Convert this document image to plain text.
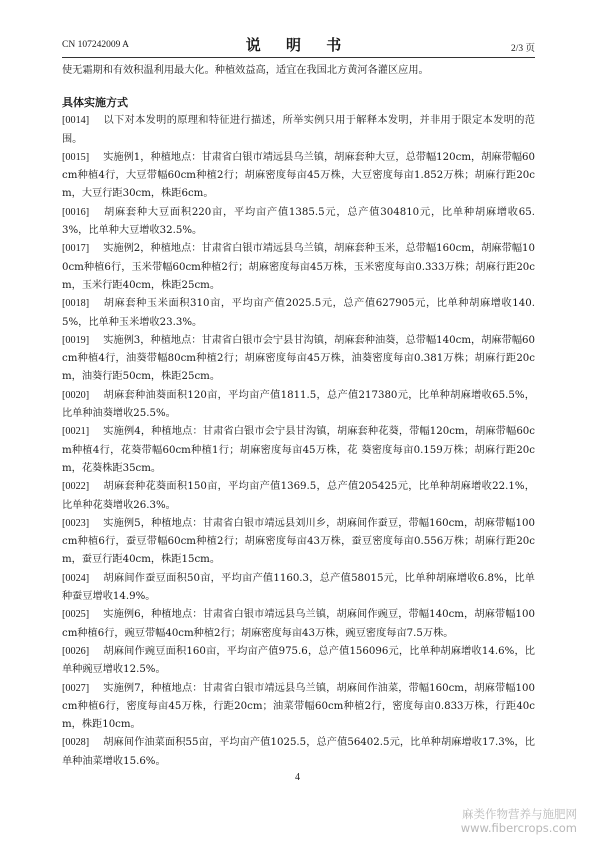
CN 107242009 A	说 明 书	2/3 页

使无霜期和有效积温利用最大化。种植效益高，适宜在我国北方黄河各灌区应用。

具体实施方式

[0014] 以下对本发明的原理和特征进行描述，所举实例只用于解释本发明，并非用于限定本发明的范围。

[0015] 实施例1，种植地点：甘肃省白银市靖远县乌兰镇，胡麻套种大豆，总带幅120cm，胡麻带幅60cm种植4行，大豆带幅60cm种植2行；胡麻密度每亩45万株，大豆密度每亩1.852万株；胡麻行距20cm，大豆行距30cm，株距6cm。

[0016] 胡麻套种大豆面积220亩，平均亩产值1385.5元，总产值304810元，比单种胡麻增收65.3%，比单种大豆增收32.5%。

[0017] 实施例2，种植地点：甘肃省白银市靖远县乌兰镇，胡麻套种玉米，总带幅160cm，胡麻带幅100cm种植6行，玉米带幅60cm种植2行；胡麻密度每亩45万株，玉米密度每亩0.333万株；胡麻行距20cm，玉米行距40cm，株距25cm。

[0018] 胡麻套种玉米面积310亩，平均亩产值2025.5元，总产值627905元，比单种胡麻增收140.5%，比单种玉米增收23.3%。

[0019] 实施例3，种植地点：甘肃省白银市会宁县甘沟镇，胡麻套种油葵，总带幅140cm，胡麻带幅60cm种植4行，油葵带幅80cm种植2行；胡麻密度每亩45万株，油葵密度每亩0.381万株；胡麻行距20cm，油葵行距50cm，株距25cm。

[0020] 胡麻套种油葵面积120亩，平均亩产值1811.5，总产值217380元，比单种胡麻增收65.5%，比单种油葵增收25.5%。

[0021] 实施例4，种植地点：甘肃省白银市会宁县甘沟镇，胡麻套种花葵，带幅120cm，胡麻带幅60cm种植4行，花葵带幅60cm种植1行；胡麻密度每亩45万株，花 葵密度每亩0.159万株；胡麻行距20cm，花葵株距35cm。

[0022] 胡麻套种花葵面积150亩，平均亩产值1369.5，总产值205425元，比单种胡麻增收22.1%，比单种花葵增收26.3%。

[0023] 实施例5，种植地点：甘肃省白银市靖远县刘川乡，胡麻间作蚕豆，带幅160cm，胡麻带幅100cm种植6行，蚕豆带幅60cm种植2行；胡麻密度每亩43万株，蚕豆密度每亩0.556万株；胡麻行距20cm，蚕豆行距40cm，株距15cm。

[0024] 胡麻间作蚕豆面积50亩，平均亩产值1160.3，总产值58015元，比单种胡麻增收6.8%，比单种蚕豆增收14.9%。

[0025] 实施例6，种植地点：甘肃省白银市靖远县乌兰镇，胡麻间作豌豆，带幅140cm，胡麻带幅100cm种植6行，豌豆带幅40cm种植2行；胡麻密度每亩43万株，豌豆密度每亩7.5万株。

[0026] 胡麻间作豌豆面积160亩，平均亩产值975.6，总产值156096元，比单种胡麻增收14.6%，比单种豌豆增收12.5%。

[0027] 实施例7，种植地点：甘肃省白银市靖远县乌兰镇，胡麻间作油菜，带幅160cm，胡麻带幅100cm种植6行，密度每亩45万株，行距20cm；油菜带幅60cm种植2行，密度每亩0.833万株，行距40cm，株距10cm。

[0028] 胡麻间作油菜面积55亩，平均亩产值1025.5，总产值56402.5元，比单种胡麻增收17.3%，比单种油菜增收15.6%。

4
麻类作物营养与施肥网
www.fibercrops.com
